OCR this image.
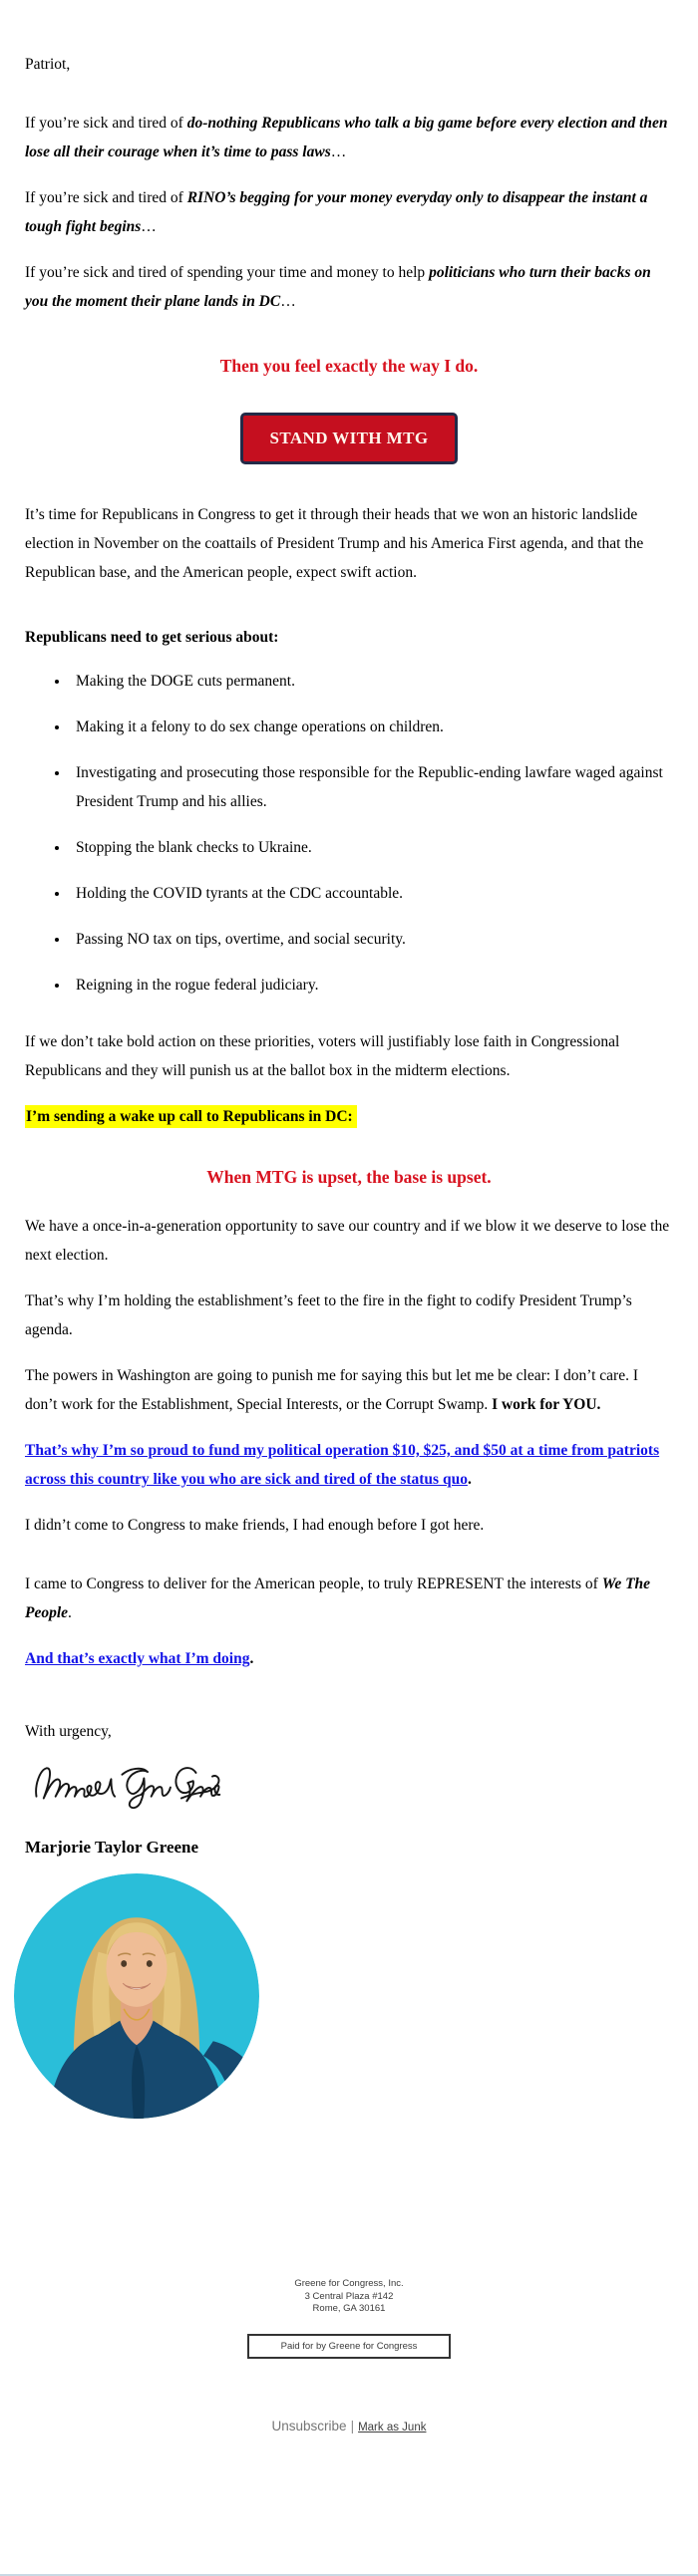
Patriot,

If you’re sick and tired of do-nothing Republicans who talk a big game before every election and then lose all their courage when it’s time to pass laws…

If you’re sick and tired of RINO’s begging for your money everyday only to disappear the instant a tough fight begins…

If you’re sick and tired of spending your time and money to help politicians who turn their backs on you the moment their plane lands in DC…

Then you feel exactly the way I do.
STAND WITH MTG

It’s time for Republicans in Congress to get it through their heads that we won an historic landslide election in November on the coattails of President Trump and his America First agenda, and that the Republican base, and the American people, expect swift action.

Republicans need to get serious about:

• Making the DOGE cuts permanent.
• Making it a felony to do sex change operations on children.
• Investigating and prosecuting those responsible for the Republic-ending lawfare waged against President Trump and his allies.
• Stopping the blank checks to Ukraine.
• Holding the COVID tyrants at the CDC accountable.
• Passing NO tax on tips, overtime, and social security.
• Reigning in the rogue federal judiciary.

If we don’t take bold action on these priorities, voters will justifiably lose faith in Congressional Republicans and they will punish us at the ballot box in the midterm elections.

I’m sending a wake up call to Republicans in DC:

When MTG is upset, the base is upset.

We have a once-in-a-generation opportunity to save our country and if we blow it we deserve to lose the next election.

That’s why I’m holding the establishment’s feet to the fire in the fight to codify President Trump’s agenda.

The powers in Washington are going to punish me for saying this but let me be clear: I don’t care. I don’t work for the Establishment, Special Interests, or the Corrupt Swamp. I work for YOU.

That’s why I’m so proud to fund my political operation $10, $25, and $50 at a time from patriots across this country like you who are sick and tired of the status quo.

I didn’t come to Congress to make friends, I had enough before I got here.

I came to Congress to deliver for the American people, to truly REPRESENT the interests of We The People.

And that’s exactly what I’m doing.

With urgency,

Marjorie Taylor Greene

Greene for Congress, Inc.
3 Central Plaza #142
Rome, GA 30161
Paid for by Greene for Congress
Unsubscribe | Mark as Junk
